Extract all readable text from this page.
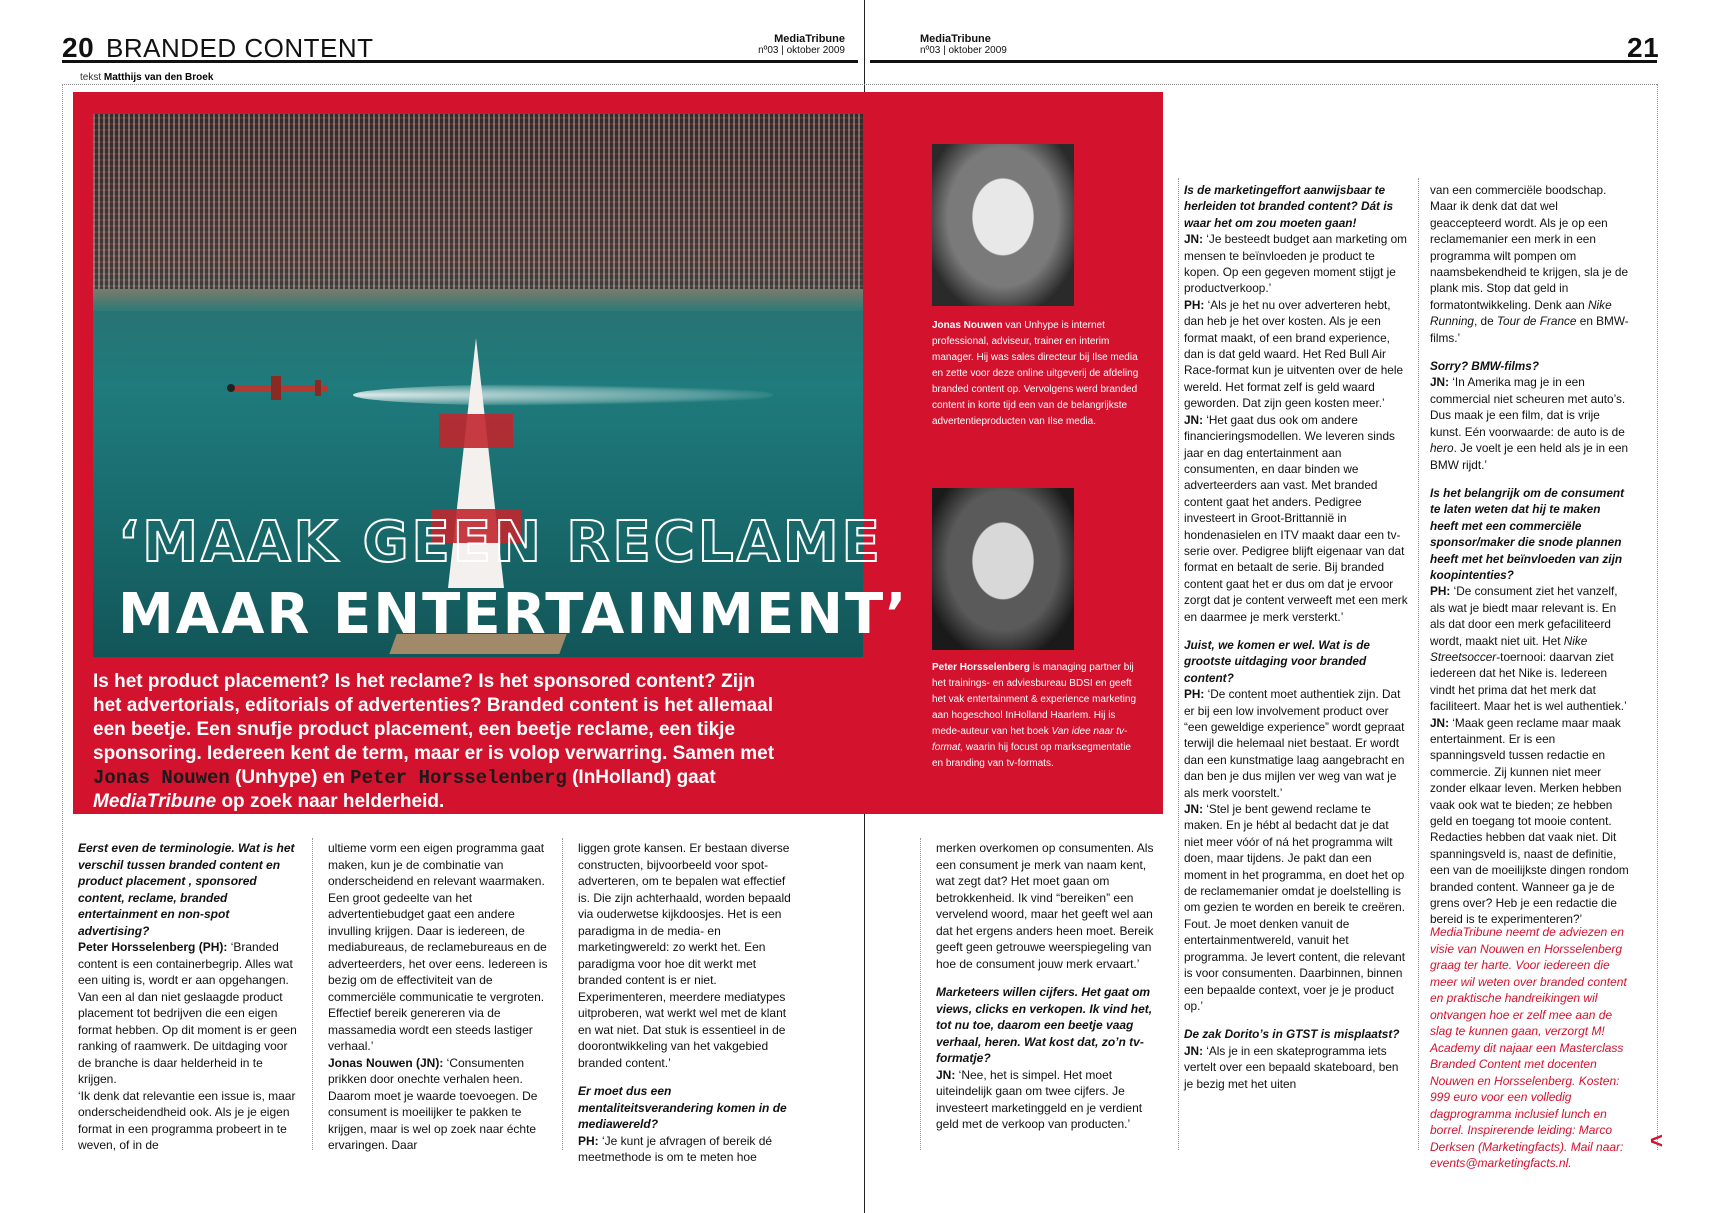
20 BRANDED CONTENT	MediaTribune
nº03 | oktober 2009
MediaTribune
nº03 | oktober 2009	21
tekst Matthijs van den Broek
‘MAAK GEEN RECLAME
MAAR ENTERTAINMENT’
Is het product placement? Is het reclame? Is het sponsored content? Zijn het advertorials, editorials of advertenties? Branded content is het allemaal een beetje. Een snufje product placement, een beetje reclame, een tikje sponsoring. Iedereen kent de term, maar er is volop verwarring. Samen met Jonas Nouwen (Unhype) en Peter Horsselenberg (InHolland) gaat MediaTribune op zoek naar helderheid.
Jonas Nouwen van Unhype is internet professional, adviseur, trainer en interim manager. Hij was sales directeur bij Ilse media en zette voor deze online uitgeverij de afdeling branded content op. Vervolgens werd branded content in korte tijd een van de belangrijkste advertentieproducten van Ilse media.
Peter Horsselenberg is managing partner bij het trainings- en adviesbureau BDSI en geeft het vak entertainment & experience marketing aan hogeschool InHolland Haarlem. Hij is mede-auteur van het boek Van idee naar tv-format, waarin hij focust op marksegmentatie en branding van tv-formats.

Eerst even de terminologie. Wat is het verschil tussen branded content en product placement , sponsored content, reclame, branded entertainment en non-spot advertising?

Peter Horsselenberg (PH): ‘Branded content is een containerbegrip. Alles wat een uiting is, wordt er aan opgehangen. Van een al dan niet geslaagde product placement tot bedrijven die een eigen format hebben. Op dit moment is er geen ranking of raamwerk. De uitdaging voor de branche is daar helderheid in te krijgen.

‘Ik denk dat relevantie een issue is, maar onderscheidendheid ook. Als je je eigen format in een programma probeert in te weven, of in de

ultieme vorm een eigen programma gaat maken, kun je de combinatie van onderscheidend en relevant waarmaken. Een groot gedeelte van het advertentiebudget gaat een andere invulling krijgen. Daar is iedereen, de mediabureaus, de reclamebureaus en de adverteerders, het over eens. Iedereen is bezig om de effectiviteit van de commerciële communicatie te vergroten. Effectief bereik genereren via de massamedia wordt een steeds lastiger verhaal.’

Jonas Nouwen (JN): ‘Consumenten prikken door onechte verhalen heen. Daarom moet je waarde toevoegen. De consument is moeilijker te pakken te krijgen, maar is wel op zoek naar échte ervaringen. Daar

liggen grote kansen. Er bestaan diverse constructen, bijvoorbeeld voor spot-adverteren, om te bepalen wat effectief is. Die zijn achterhaald, worden bepaald via ouderwetse kijkdoosjes. Het is een paradigma in de media- en marketingwereld: zo werkt het. Een paradigma voor hoe dit werkt met branded content is er niet. Experimenteren, meerdere mediatypes uitproberen, wat werkt wel met de klant en wat niet. Dat stuk is essentieel in de doorontwikkeling van het vakgebied branded content.’

Er moet dus een mentaliteitsverandering komen in de mediawereld?

PH: ‘Je kunt je afvragen of bereik dé meetmethode is om te meten hoe

merken overkomen op consumenten. Als een consument je merk van naam kent, wat zegt dat? Het moet gaan om betrokkenheid. Ik vind “bereiken” een vervelend woord, maar het geeft wel aan dat het ergens anders heen moet. Bereik geeft geen getrouwe weerspiegeling van hoe de consument jouw merk ervaart.’

Marketeers willen cijfers. Het gaat om views, clicks en verkopen. Ik vind het, tot nu toe, daarom een beetje vaag verhaal, heren. Wat kost dat, zo’n tv-formatje?

JN: ‘Nee, het is simpel. Het moet uiteindelijk gaan om twee cijfers. Je investeert marketinggeld en je verdient geld met de verkoop van producten.’

Is de marketingeffort aanwijsbaar te herleiden tot branded content? Dát is waar het om zou moeten gaan!

JN: ‘Je besteedt budget aan marketing om mensen te beïnvloeden je product te kopen. Op een gegeven moment stijgt je productverkoop.’

PH: ‘Als je het nu over adverteren hebt, dan heb je het over kosten. Als je een format maakt, of een brand experience, dan is dat geld waard. Het Red Bull Air Race-format kun je uitventen over de hele wereld. Het format zelf is geld waard geworden. Dat zijn geen kosten meer.’

JN: ‘Het gaat dus ook om andere financieringsmodellen. We leveren sinds jaar en dag entertainment aan consumenten, en daar binden we adverteerders aan vast. Met branded content gaat het anders. Pedigree investeert in Groot-Brittannië in hondenasielen en ITV maakt daar een tv-serie over. Pedigree blijft eigenaar van dat format en betaalt de serie. Bij branded content gaat het er dus om dat je ervoor zorgt dat je content verweeft met een merk en daarmee je merk versterkt.’

Juist, we komen er wel. Wat is de grootste uitdaging voor branded content?

PH: ‘De content moet authentiek zijn. Dat er bij een low involvement product over “een geweldige experience” wordt gepraat terwijl die helemaal niet bestaat. Er wordt dan een kunstmatige laag aangebracht en dan ben je dus mijlen ver weg van wat je als merk voorstelt.’

JN: ‘Stel je bent gewend reclame te maken. En je hébt al bedacht dat je dat niet meer vóór of ná het programma wilt doen, maar tijdens. Je pakt dan een moment in het programma, en doet het op de reclamemanier omdat je doelstelling is om gezien te worden en bereik te creëren. Fout. Je moet denken vanuit de entertainmentwereld, vanuit het programma. Je levert content, die relevant is voor consumenten. Daarbinnen, binnen een bepaalde context, voer je je product op.’

De zak Dorito’s in GTST is misplaatst?

JN: ‘Als je in een skateprogramma iets vertelt over een bepaald skateboard, ben je bezig met het uiten

van een commerciële boodschap. Maar ik denk dat dat wel geaccepteerd wordt. Als je op een reclamemanier een merk in een programma wilt pompen om naamsbekendheid te krijgen, sla je de plank mis. Stop dat geld in formatontwikkeling. Denk aan Nike Running, de Tour de France en BMW-films.’

Sorry? BMW-films?

JN: ‘In Amerika mag je in een commercial niet scheuren met auto’s. Dus maak je een film, dat is vrije kunst. Eén voorwaarde: de auto is de hero. Je voelt je een held als je in een BMW rijdt.’

Is het belangrijk om de consument te laten weten dat hij te maken heeft met een commerciële sponsor/maker die snode plannen heeft met het beïnvloeden van zijn koopintenties?

PH: ‘De consument ziet het vanzelf, als wat je biedt maar relevant is. En als dat door een merk gefaciliteerd wordt, maakt niet uit. Het Nike Streetsoccer-toernooi: daarvan ziet iedereen dat het Nike is. Iedereen vindt het prima dat het merk dat faciliteert. Maar het is wel authentiek.’

JN: ‘Maak geen reclame maar maak entertainment. Er is een spanningsveld tussen redactie en commercie. Zij kunnen niet meer zonder elkaar leven. Merken hebben vaak ook wat te bieden; ze hebben geld en toegang tot mooie content. Redacties hebben dat vaak niet. Dit spanningsveld is, naast de definitie, een van de moeilijkste dingen rondom branded content. Wanneer ga je de grens over? Heb je een redactie die bereid is te experimenteren?’

MediaTribune neemt de adviezen en visie van Nouwen en Horsselenberg graag ter harte. Voor iedereen die meer wil weten over branded content en praktische handreikingen wil ontvangen hoe er zelf mee aan de slag te kunnen gaan, verzorgt M! Academy dit najaar een Masterclass Branded Content met docenten Nouwen en Horsselenberg. Kosten: 999 euro voor een volledig dagprogramma inclusief lunch en borrel. Inspirerende leiding: Marco Derksen (Marketingfacts). Mail naar: events@marketingfacts.nl.
<
